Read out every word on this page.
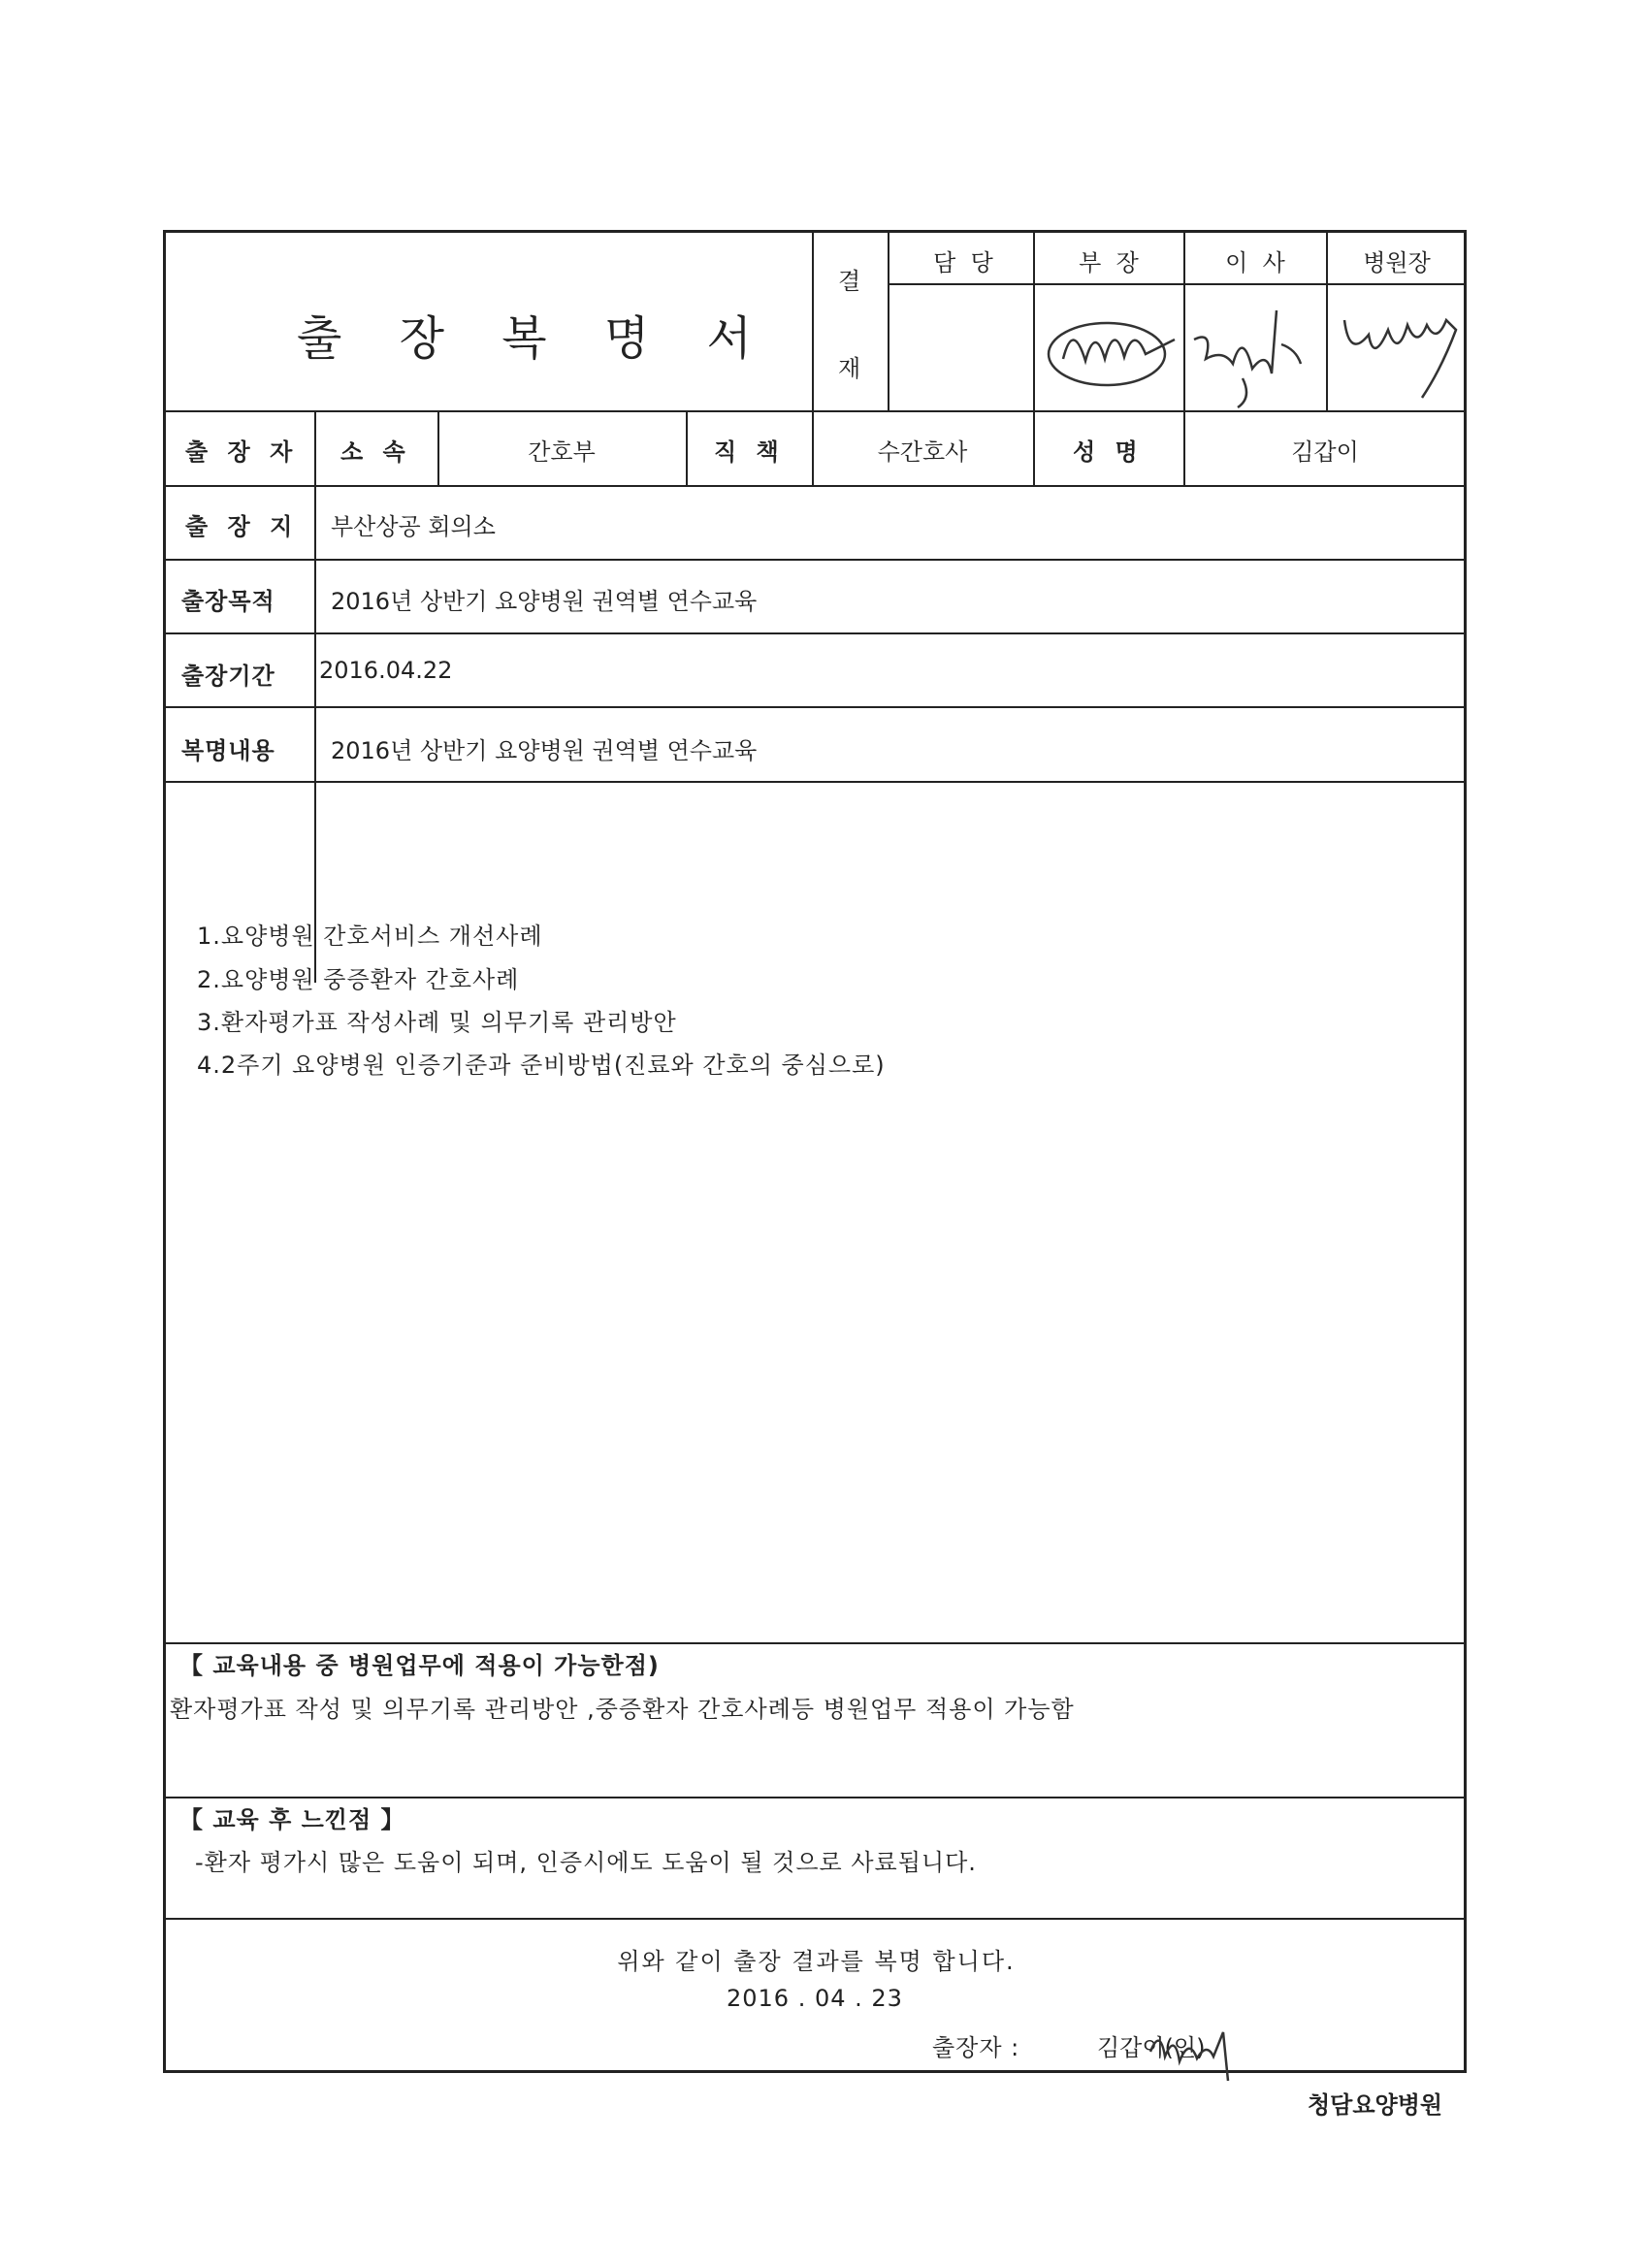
출 장 복 명 서
결
재
담  당	부  장	이  사	병원장
출 장 자 소 속	간호부	직 책	수간호사	성 명	김갑이
출 장 지 부산상공 회의소
출장목적 2016년 상반기 요양병원 권역별 연수교육
출장기간 2016.04.22
복명내용 2016년 상반기 요양병원 권역별 연수교육
1.요양병원 간호서비스 개선사례
2.요양병원 중증환자 간호사례
3.환자평가표 작성사례 및 의무기록 관리방안
4.2주기 요양병원 인증기준과 준비방법(진료와 간호의 중심으로)
【 교육내용 중 병원업무에 적용이 가능한점)
환자평가표 작성 및 의무기록 관리방안 ,중증환자 간호사례등 병원업무 적용이 가능함
【 교육 후 느낀점 】
-환자 평가시 많은 도움이 되며, 인증시에도 도움이 될 것으로 사료됩니다.
위와 같이 출장 결과를 복명 합니다.
2016 . 04 . 23
출장자 :	김갑이(인)
청담요양병원
